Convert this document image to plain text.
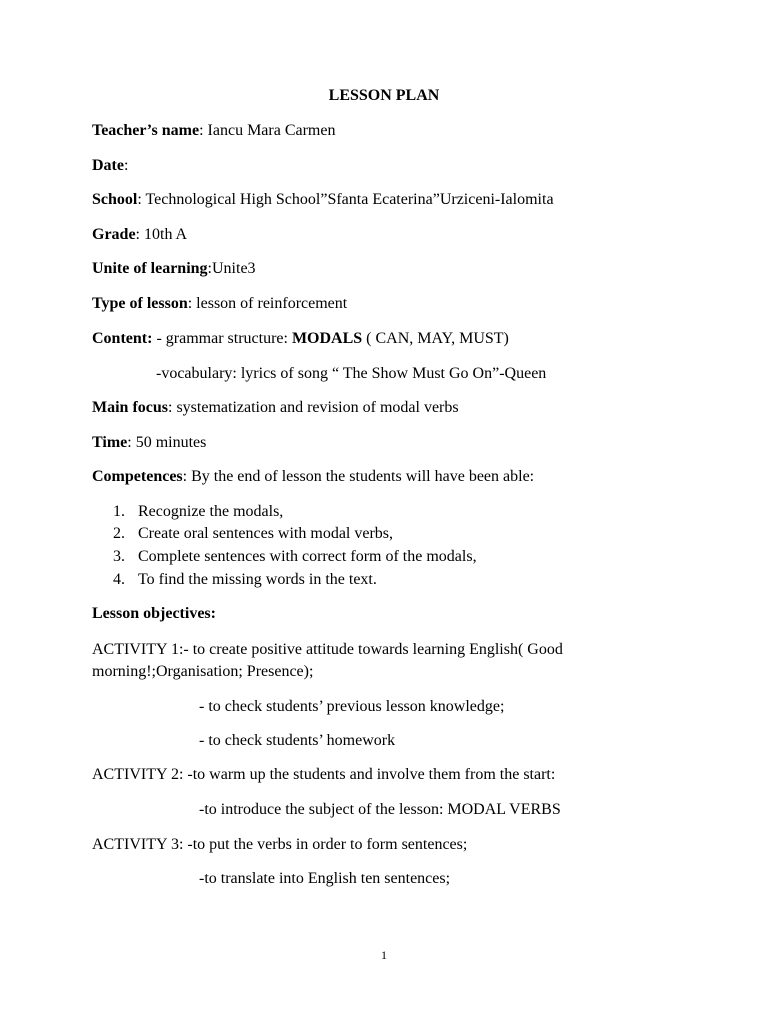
LESSON PLAN
Teacher’s name: Iancu Mara Carmen
Date:
School: Technological High School”Sfanta Ecaterina”Urziceni-Ialomita
Grade: 10th A
Unite of learning:Unite3
Type of lesson: lesson of reinforcement
Content: - grammar structure: MODALS ( CAN, MAY, MUST)
-vocabulary: lyrics of song “ The Show Must Go On”-Queen
Main focus: systematization and revision of modal verbs
Time: 50 minutes
Competences: By the end of lesson the students will have been able:
1. Recognize the modals,
2. Create oral sentences with modal verbs,
3. Complete sentences with correct form of the modals,
4. To find the missing words in the text.
Lesson objectives:
ACTIVITY 1:- to create positive attitude towards learning English( Good
morning!;Organisation; Presence);
- to check students’ previous lesson knowledge;
- to check students’ homework
ACTIVITY 2: -to warm up the students and involve them from the start:
-to introduce the subject of the lesson: MODAL VERBS
ACTIVITY 3: -to put the verbs in order to form sentences;
-to translate into English ten sentences;
1
